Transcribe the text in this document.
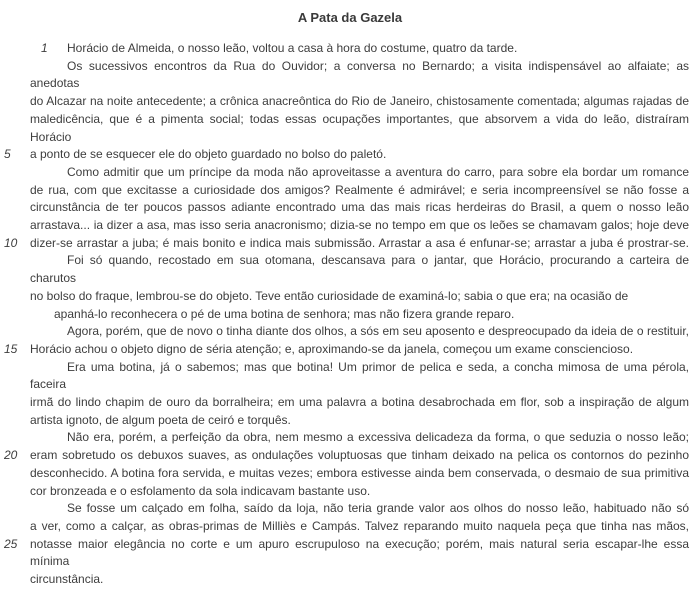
A Pata da Gazela
1 Horácio de Almeida, o nosso leão, voltou a casa à hora do costume, quatro da tarde.
Os sucessivos encontros da Rua do Ouvidor; a conversa no Bernardo; a visita indispensável ao alfaiate; as anedotas
do Alcazar na noite antecedente; a crônica anacreôntica do Rio de Janeiro, chistosamente comentada; algumas rajadas de
maledicência, que é a pimenta social; todas essas ocupações importantes, que absorvem a vida do leão, distraíram Horácio
5	a ponto de se esquecer ele do objeto guardado no bolso do paletó.
Como admitir que um príncipe da moda não aproveitasse a aventura do carro, para sobre ela bordar um romance
de rua, com que excitasse a curiosidade dos amigos? Realmente é admirável; e seria incompreensível se não fosse a
circunstância de ter poucos passos adiante encontrado uma das mais ricas herdeiras do Brasil, a quem o nosso leão
arrastava... ia dizer a asa, mas isso seria anacronismo; dizia-se no tempo em que os leões se chamavam galos; hoje deve
10	dizer-se arrastar a juba; é mais bonito e indica mais submissão. Arrastar a asa é enfunar-se; arrastar a juba é prostrar-se.
Foi só quando, recostado em sua otomana, descansava para o jantar, que Horácio, procurando a carteira de charutos
no bolso do fraque, lembrou-se do objeto. Teve então curiosidade de examiná-lo; sabia o que era; na ocasião de
apanhá-lo reconhecera o pé de uma botina de senhora; mas não fizera grande reparo.
Agora, porém, que de novo o tinha diante dos olhos, a sós em seu aposento e despreocupado da ideia de o restituir,
15	Horácio achou o objeto digno de séria atenção; e, aproximando-se da janela, começou um exame consciencioso.
Era uma botina, já o sabemos; mas que botina! Um primor de pelica e seda, a concha mimosa de uma pérola, faceira
irmã do lindo chapim de ouro da borralheira; em uma palavra a botina desabrochada em flor, sob a inspiração de algum
artista ignoto, de algum poeta de ceiró e torquês.
Não era, porém, a perfeição da obra, nem mesmo a excessiva delicadeza da forma, o que seduzia o nosso leão;
20	eram sobretudo os debuxos suaves, as ondulações voluptuosas que tinham deixado na pelica os contornos do pezinho
desconhecido. A botina fora servida, e muitas vezes; embora estivesse ainda bem conservada, o desmaio de sua primitiva
cor bronzeada e o esfolamento da sola indicavam bastante uso.
Se fosse um calçado em folha, saído da loja, não teria grande valor aos olhos do nosso leão, habituado não só
a ver, como a calçar, as obras-primas de Milliès e Campás. Talvez reparando muito naquela peça que tinha nas mãos,
25	notasse maior elegância no corte e um apuro escrupuloso na execução; porém, mais natural seria escapar-lhe essa mínima
circunstância.
